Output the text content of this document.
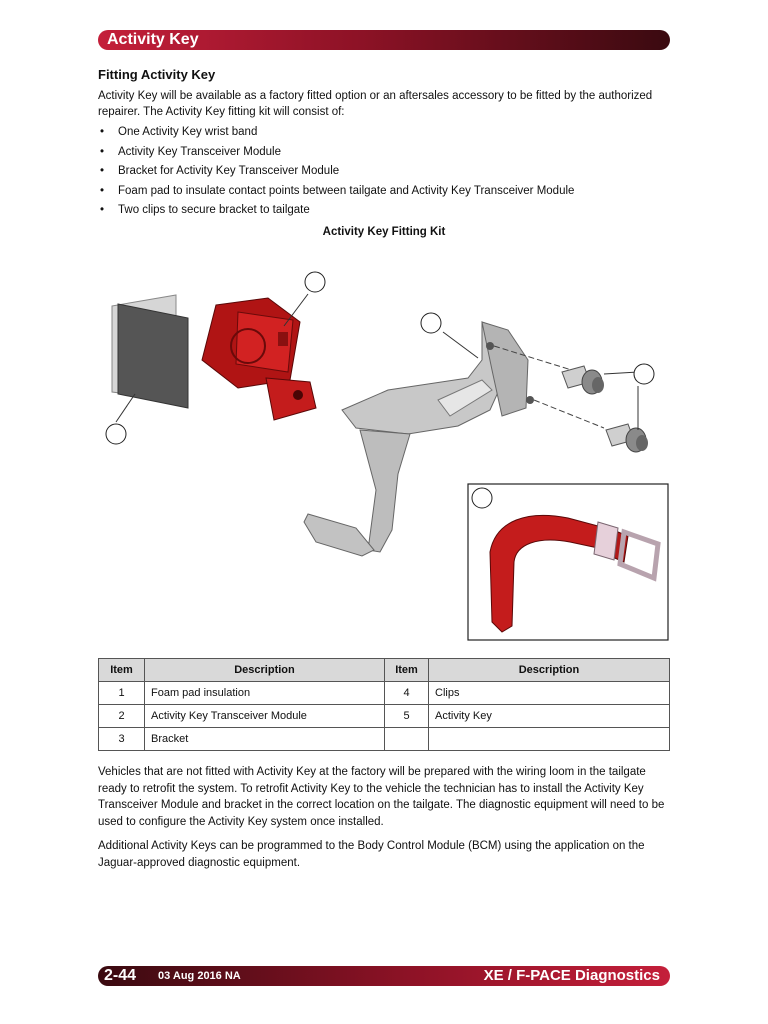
Activity Key
Fitting Activity Key
Activity Key will be available as a factory fitted option or an aftersales accessory to be fitted by the authorized repairer. The Activity Key fitting kit will consist of:
• One Activity Key wrist band
• Activity Key Transceiver Module
• Bracket for Activity Key Transceiver Module
• Foam pad to insulate contact points between tailgate and Activity Key Transceiver Module
• Two clips to secure bracket to tailgate
Activity Key Fitting Kit
Item	Description	Item	Description
1	Foam pad insulation	4	Clips
2	Activity Key Transceiver Module	5	Activity Key
3	Bracket		
Vehicles that are not fitted with Activity Key at the factory will be prepared with the wiring loom in the tailgate ready to retrofit the system. To retrofit Activity Key to the vehicle the technician has to install the Activity Key Transceiver Module and bracket in the correct location on the tailgate. The diagnostic equipment will need to be used to configure the Activity Key system once installed.
Additional Activity Keys can be programmed to the Body Control Module (BCM) using the application on the Jaguar-approved diagnostic equipment.
2-44 03 Aug 2016 NA	XE / F-PACE Diagnostics
